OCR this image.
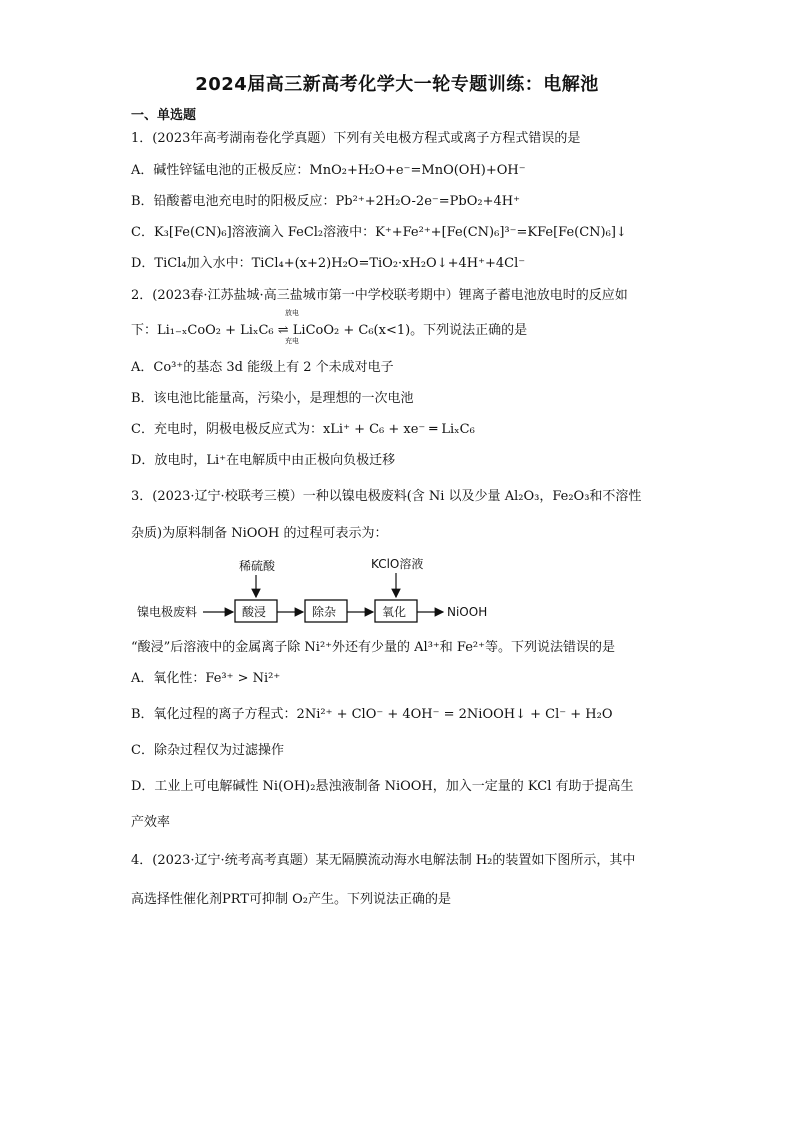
2024届高三新高考化学大一轮专题训练：电解池
一、单选题
1．(2023年高考湖南卷化学真题）下列有关电极方程式或离子方程式错误的是
A．碱性锌锰电池的正极反应：MnO₂+H₂O+e⁻=MnO(OH)+OH⁻
B．铅酸蓄电池充电时的阳极反应：Pb²⁺+2H₂O-2e⁻=PbO₂+4H⁺
C．K₃[Fe(CN)₆]溶液滴入 FeCl₂溶液中：K⁺+Fe²⁺+[Fe(CN)₆]³⁻=KFe[Fe(CN)₆]↓
D．TiCl₄加入水中：TiCl₄+(x+2)H₂O=TiO₂·xH₂O↓+4H⁺+4Cl⁻
2．(2023春·江苏盐城·高三盐城市第一中学校联考期中）锂离子蓄电池放电时的反应如
下：Li₁₋ₓCoO₂ + LiₓC₆ ⇌ LiCoO₂ + C₆(x<1)。下列说法正确的是
放电
充电
A．Co³⁺的基态 3d 能级上有 2 个未成对电子
B．该电池比能量高，污染小，是理想的一次电池
C．充电时，阴极电极反应式为：xLi⁺ + C₆ + xe⁻ ═ LiₓC₆
D．放电时，Li⁺在电解质中由正极向负极迁移
3．(2023·辽宁·校联考三模）一种以镍电极废料(含 Ni 以及少量 Al₂O₃，Fe₂O₃和不溶性
杂质)为原料制备 NiOOH 的过程可表示为：
稀硫酸	KClO溶液
镍电极废料	酸浸	除杂	氧化	NiOOH
“酸浸”后溶液中的金属离子除 Ni²⁺外还有少量的 Al³⁺和 Fe²⁺等。下列说法错误的是
A．氧化性：Fe³⁺ > Ni²⁺
B．氧化过程的离子方程式：2Ni²⁺ + ClO⁻ + 4OH⁻ = 2NiOOH↓ + Cl⁻ + H₂O
C．除杂过程仅为过滤操作
D．工业上可电解碱性 Ni(OH)₂悬浊液制备 NiOOH，加入一定量的 KCl 有助于提高生
产效率
4．(2023·辽宁·统考高考真题）某无隔膜流动海水电解法制 H₂的装置如下图所示，其中
高选择性催化剂PRT可抑制 O₂产生。下列说法正确的是
